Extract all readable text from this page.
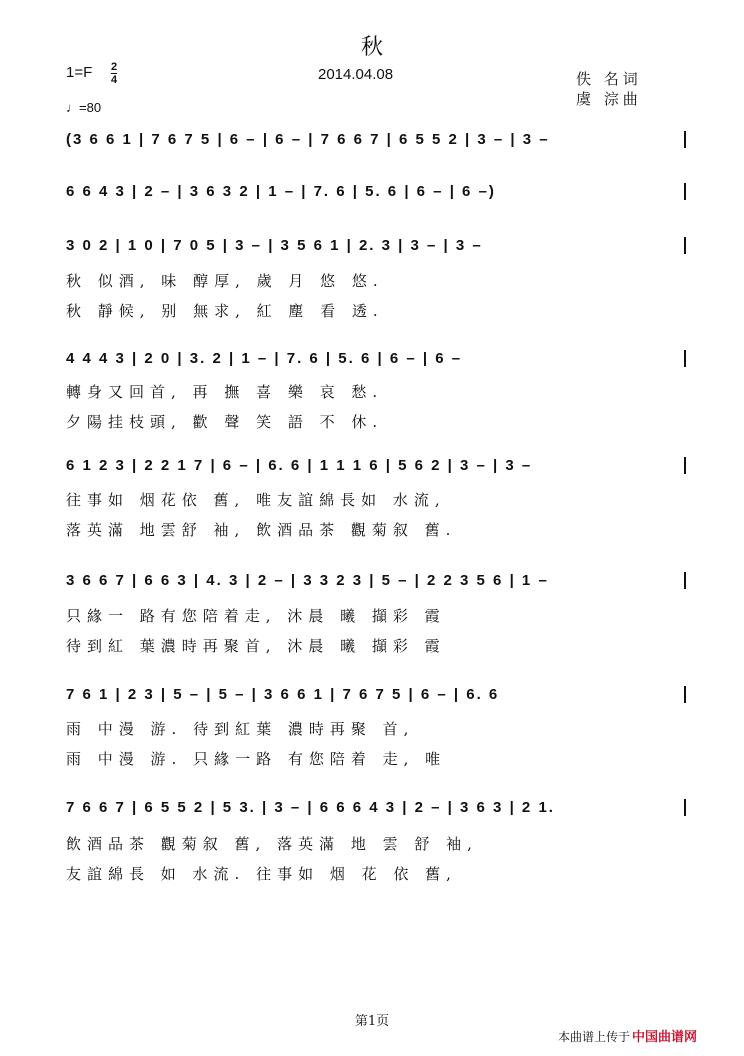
秋
1=F 2
4	2014.04.08	佚 名词
虞 淙曲
♩=80
(3 6 6 1 | 7 6 7 5 | 6 – | 6 – | 7 6 6 7 | 6 5 5 2 | 3 – | 3 –
6 6 4 3 | 2 – | 3 6 3 2 | 1 – | 7. 6 | 5. 6 | 6 – | 6 –)
3 0 2 | 1 0 | 7 0 5 | 3 – | 3 5 6 1 | 2. 3 | 3 – | 3 –
秋 似酒, 味 醇厚, 歲 月 悠 悠.
秋 靜候, 别 無求, 紅 塵 看 透.
4 4 4 3 | 2 0 | 3. 2 | 1 – | 7. 6 | 5. 6 | 6 – | 6 –
轉身又回首, 再 撫 喜 樂 哀 愁.
夕陽挂枝頭, 歡 聲 笑 語 不 休.
6 1 2 3 | 2 2 1 7 | 6 – | 6. 6 | 1 1 1 6 | 5 6 2 | 3 – | 3 –
往事如 烟花依 舊, 唯友誼綿長如 水流,
落英滿 地雲舒 袖, 飲酒品茶 觀菊叙 舊.
3 6 6 7 | 6 6 3 | 4. 3 | 2 – | 3 3 2 3 | 5 – | 2 2 3 5 6 | 1 –
只緣一 路有您陪着走, 沐晨 曦 擷彩 霞
待到紅 葉濃時再聚首, 沐晨 曦 擷彩 霞
7 6 1 | 2 3 | 5 – | 5 – | 3 6 6 1 | 7 6 7 5 | 6 – | 6. 6
雨 中漫 游. 待到紅葉 濃時再聚 首,
雨 中漫 游. 只緣一路 有您陪着 走, 唯
7 6 6 7 | 6 5 5 2 | 5 3. | 3 – | 6 6 6 4 3 | 2 – | 3 6 3 | 2 1.
飲酒品茶 觀菊叙 舊, 落英滿 地 雲 舒 袖,
友誼綿長 如 水流. 往事如 烟 花 依 舊,
第1页
本曲谱上传于 中国曲谱网
